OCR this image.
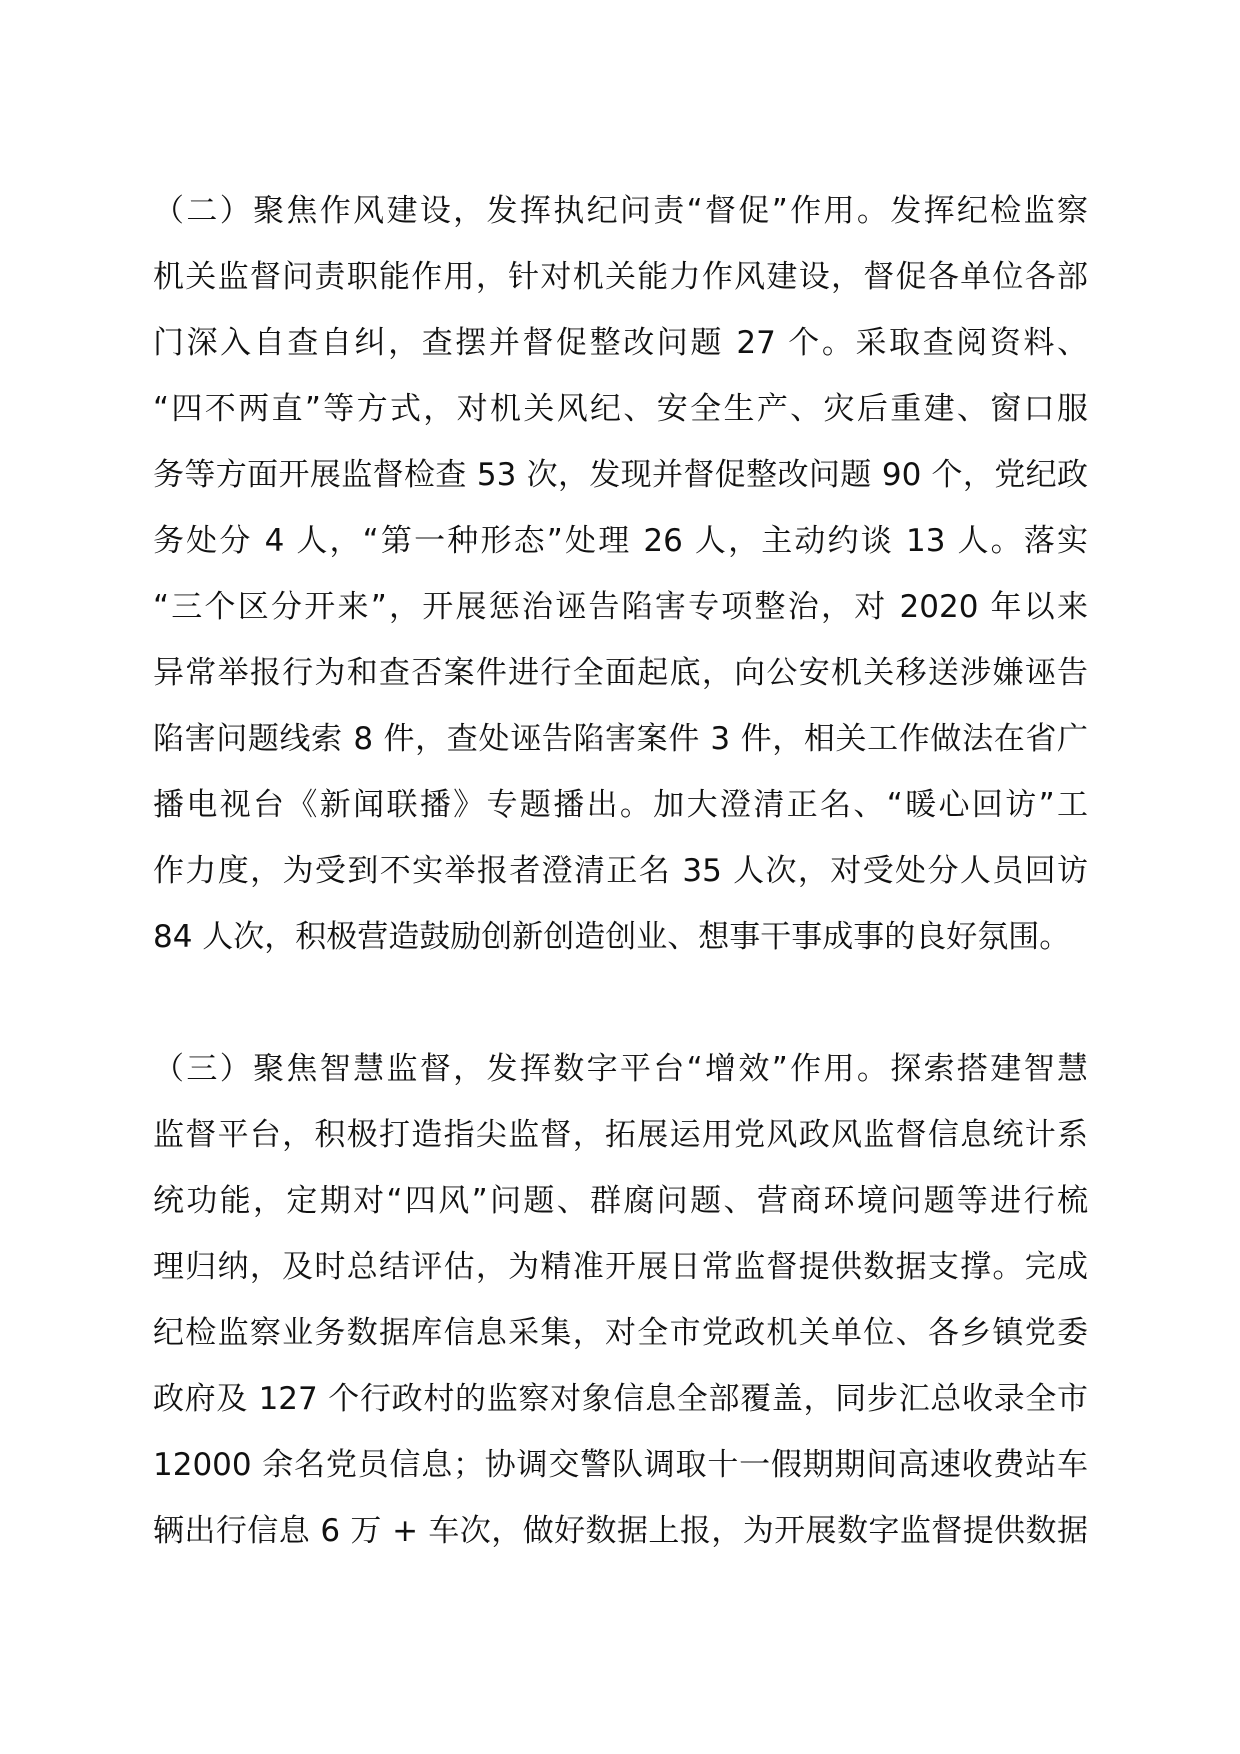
（二）聚焦作风建设，发挥执纪问责“督促”作用。发挥纪检监察
机关监督问责职能作用，针对机关能力作风建设，督促各单位各部
门深入自查自纠，查摆并督促整改问题 27 个。采取查阅资料、
“四不两直”等方式，对机关风纪、安全生产、灾后重建、窗口服
务等方面开展监督检查 53 次，发现并督促整改问题 90 个，党纪政
务处分 4 人，“第一种形态”处理 26 人，主动约谈 13 人。落实
“三个区分开来”，开展惩治诬告陷害专项整治，对 2020 年以来
异常举报行为和查否案件进行全面起底，向公安机关移送涉嫌诬告
陷害问题线索 8 件，查处诬告陷害案件 3 件，相关工作做法在省广
播电视台《新闻联播》专题播出。加大澄清正名、“暖心回访”工
作力度，为受到不实举报者澄清正名 35 人次，对受处分人员回访
84 人次，积极营造鼓励创新创造创业、想事干事成事的良好氛围。
（三）聚焦智慧监督，发挥数字平台“增效”作用。探索搭建智慧
监督平台，积极打造指尖监督，拓展运用党风政风监督信息统计系
统功能，定期对“四风”问题、群腐问题、营商环境问题等进行梳
理归纳，及时总结评估，为精准开展日常监督提供数据支撑。完成
纪检监察业务数据库信息采集，对全市党政机关单位、各乡镇党委
政府及 127 个行政村的监察对象信息全部覆盖，同步汇总收录全市
12000 余名党员信息；协调交警队调取十一假期期间高速收费站车
辆出行信息 6 万 + 车次，做好数据上报，为开展数字监督提供数据
